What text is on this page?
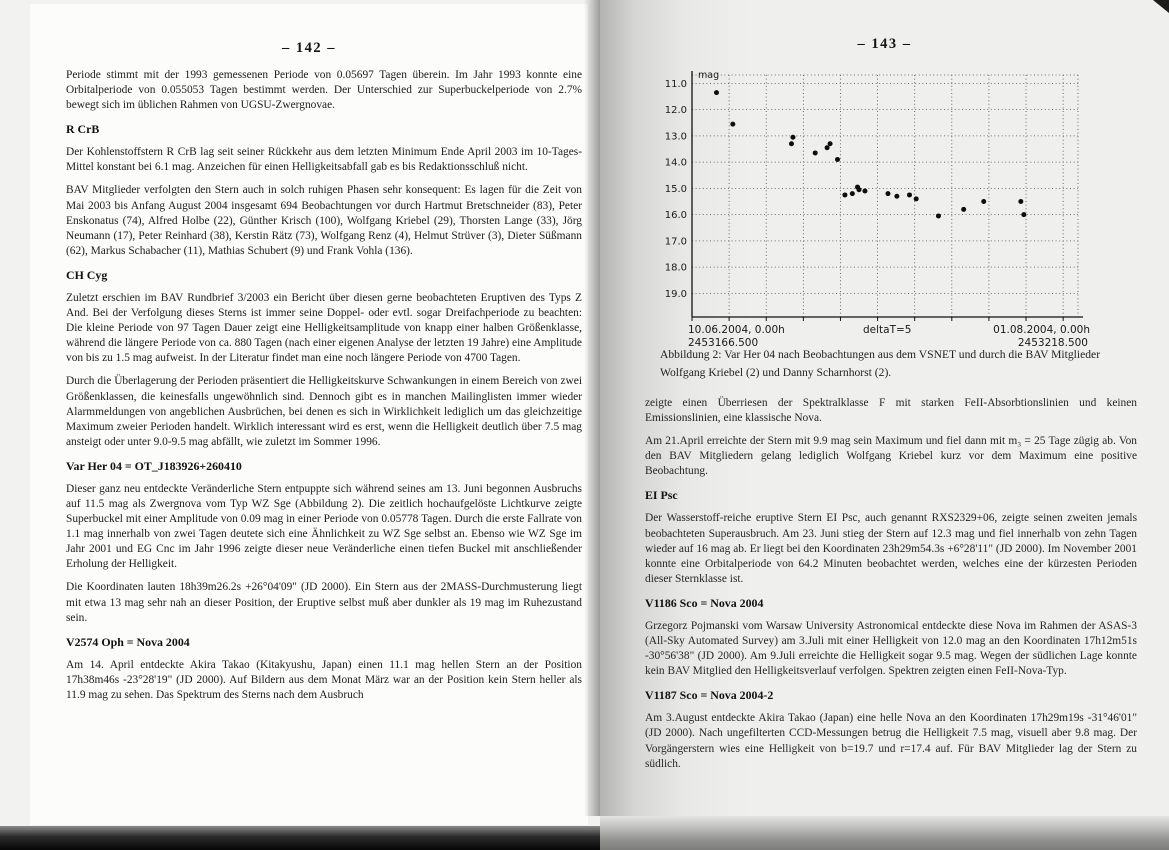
– 142 –

Periode stimmt mit der 1993 gemessenen Periode von 0.05697 Tagen überein. Im Jahr 1993 konnte eine Orbitalperiode von 0.055053 Tagen bestimmt werden. Der Unterschied zur Superbuckelperiode von 2.7% bewegt sich im üblichen Rahmen von UGSU-Zwergnovae.

R CrB

Der Kohlenstoffstern R CrB lag seit seiner Rückkehr aus dem letzten Minimum Ende April 2003 im 10-Tages-Mittel konstant bei 6.1 mag. Anzeichen für einen Helligkeitsabfall gab es bis Redaktionsschluß nicht.

BAV Mitglieder verfolgten den Stern auch in solch ruhigen Phasen sehr konsequent: Es lagen für die Zeit von Mai 2003 bis Anfang August 2004 insgesamt 694 Beobachtungen vor durch Hartmut Bretschneider (83), Peter Enskonatus (74), Alfred Holbe (22), Günther Krisch (100), Wolfgang Kriebel (29), Thorsten Lange (33), Jörg Neumann (17), Peter Reinhard (38), Kerstin Rätz (73), Wolfgang Renz (4), Helmut Strüver (3), Dieter Süßmann (62), Markus Schabacher (11), Mathias Schubert (9) und Frank Vohla (136).

CH Cyg

Zuletzt erschien im BAV Rundbrief 3/2003 ein Bericht über diesen gerne beobachteten Eruptiven des Typs Z And. Bei der Verfolgung dieses Sterns ist immer seine Doppel- oder evtl. sogar Dreifachperiode zu beachten: Die kleine Periode von 97 Tagen Dauer zeigt eine Helligkeitsamplitude von knapp einer halben Größenklasse, während die längere Periode von ca. 880 Tagen (nach einer eigenen Analyse der letzten 19 Jahre) eine Amplitude von bis zu 1.5 mag aufweist. In der Literatur findet man eine noch längere Periode von 4700 Tagen.

Durch die Überlagerung der Perioden präsentiert die Helligkeitskurve Schwankungen in einem Bereich von zwei Größenklassen, die keinesfalls ungewöhnlich sind. Dennoch gibt es in manchen Mailinglisten immer wieder Alarmmeldungen von angeblichen Ausbrüchen, bei denen es sich in Wirklichkeit lediglich um das gleichzeitige Maximum zweier Perioden handelt. Wirklich interessant wird es erst, wenn die Helligkeit deutlich über 7.5 mag ansteigt oder unter 9.0-9.5 mag abfällt, wie zuletzt im Sommer 1996.

Var Her 04 = OT_J183926+260410

Dieser ganz neu entdeckte Veränderliche Stern entpuppte sich während seines am 13. Juni begonnen Ausbruchs auf 11.5 mag als Zwergnova vom Typ WZ Sge (Abbildung 2). Die zeitlich hochaufgelöste Lichtkurve zeigte Superbuckel mit einer Amplitude von 0.09 mag in einer Periode von 0.05778 Tagen. Durch die erste Fallrate von 1.1 mag innerhalb von zwei Tagen deutete sich eine Ähnlichkeit zu WZ Sge selbst an. Ebenso wie WZ Sge im Jahr 2001 und EG Cnc im Jahr 1996 zeigte dieser neue Veränderliche einen tiefen Buckel mit anschließender Erholung der Helligkeit.

Die Koordinaten lauten 18h39m26.2s +26°04'09" (JD 2000). Ein Stern aus der 2MASS-Durchmusterung liegt mit etwa 13 mag sehr nah an dieser Position, der Eruptive selbst muß aber dunkler als 19 mag im Ruhezustand sein.

V2574 Oph = Nova 2004

Am 14. April entdeckte Akira Takao (Kitakyushu, Japan) einen 11.1 mag hellen Stern an der Position 17h38m46s -23°28'19" (JD 2000). Auf Bildern aus dem Monat März war an der Position kein Stern heller als 11.9 mag zu sehen. Das Spektrum des Sterns nach dem Ausbruch

– 143 –
11.0
12.0
13.0
14.0
15.0
16.0
17.0
18.0
19.0
mag
10.06.2004, 0.00h
2453166.500
deltaT=5	01.08.2004, 0.00h
2453218.500
Abbildung 2: Var Her 04 nach Beobachtungen aus dem VSNET und durch die BAV Mitglieder Wolfgang Kriebel (2) und Danny Scharnhorst (2).

zeigte einen Überriesen der Spektralklasse F mit starken FeII-Absorbtionslinien und keinen Emissionslinien, eine klassische Nova.

Am 21.April erreichte der Stern mit 9.9 mag sein Maximum und fiel dann mit m₃ = 25 Tage zügig ab. Von den BAV Mitgliedern gelang lediglich Wolfgang Kriebel kurz vor dem Maximum eine positive Beobachtung.

EI Psc

Der Wasserstoff-reiche eruptive Stern EI Psc, auch genannt RXS2329+06, zeigte seinen zweiten jemals beobachteten Superausbruch. Am 23. Juni stieg der Stern auf 12.3 mag und fiel innerhalb von zehn Tagen wieder auf 16 mag ab. Er liegt bei den Koordinaten 23h29m54.3s +6°28'11" (JD 2000). Im November 2001 konnte eine Orbitalperiode von 64.2 Minuten beobachtet werden, welches eine der kürzesten Perioden dieser Sternklasse ist.

V1186 Sco = Nova 2004

Grzegorz Pojmanski vom Warsaw University Astronomical entdeckte diese Nova im Rahmen der ASAS-3 (All-Sky Automated Survey) am 3.Juli mit einer Helligkeit von 12.0 mag an den Koordinaten 17h12m51s -30°56'38" (JD 2000). Am 9.Juli erreichte die Helligkeit sogar 9.5 mag. Wegen der südlichen Lage konnte kein BAV Mitglied den Helligkeitsverlauf verfolgen. Spektren zeigten einen FeII-Nova-Typ.

V1187 Sco = Nova 2004-2

Am 3.August entdeckte Akira Takao (Japan) eine helle Nova an den Koordinaten 17h29m19s -31°46'01" (JD 2000). Nach ungefilterten CCD-Messungen betrug die Helligkeit 7.5 mag, visuell aber 9.8 mag. Der Vorgängerstern wies eine Helligkeit von b=19.7 und r=17.4 auf. Für BAV Mitglieder lag der Stern zu südlich.
